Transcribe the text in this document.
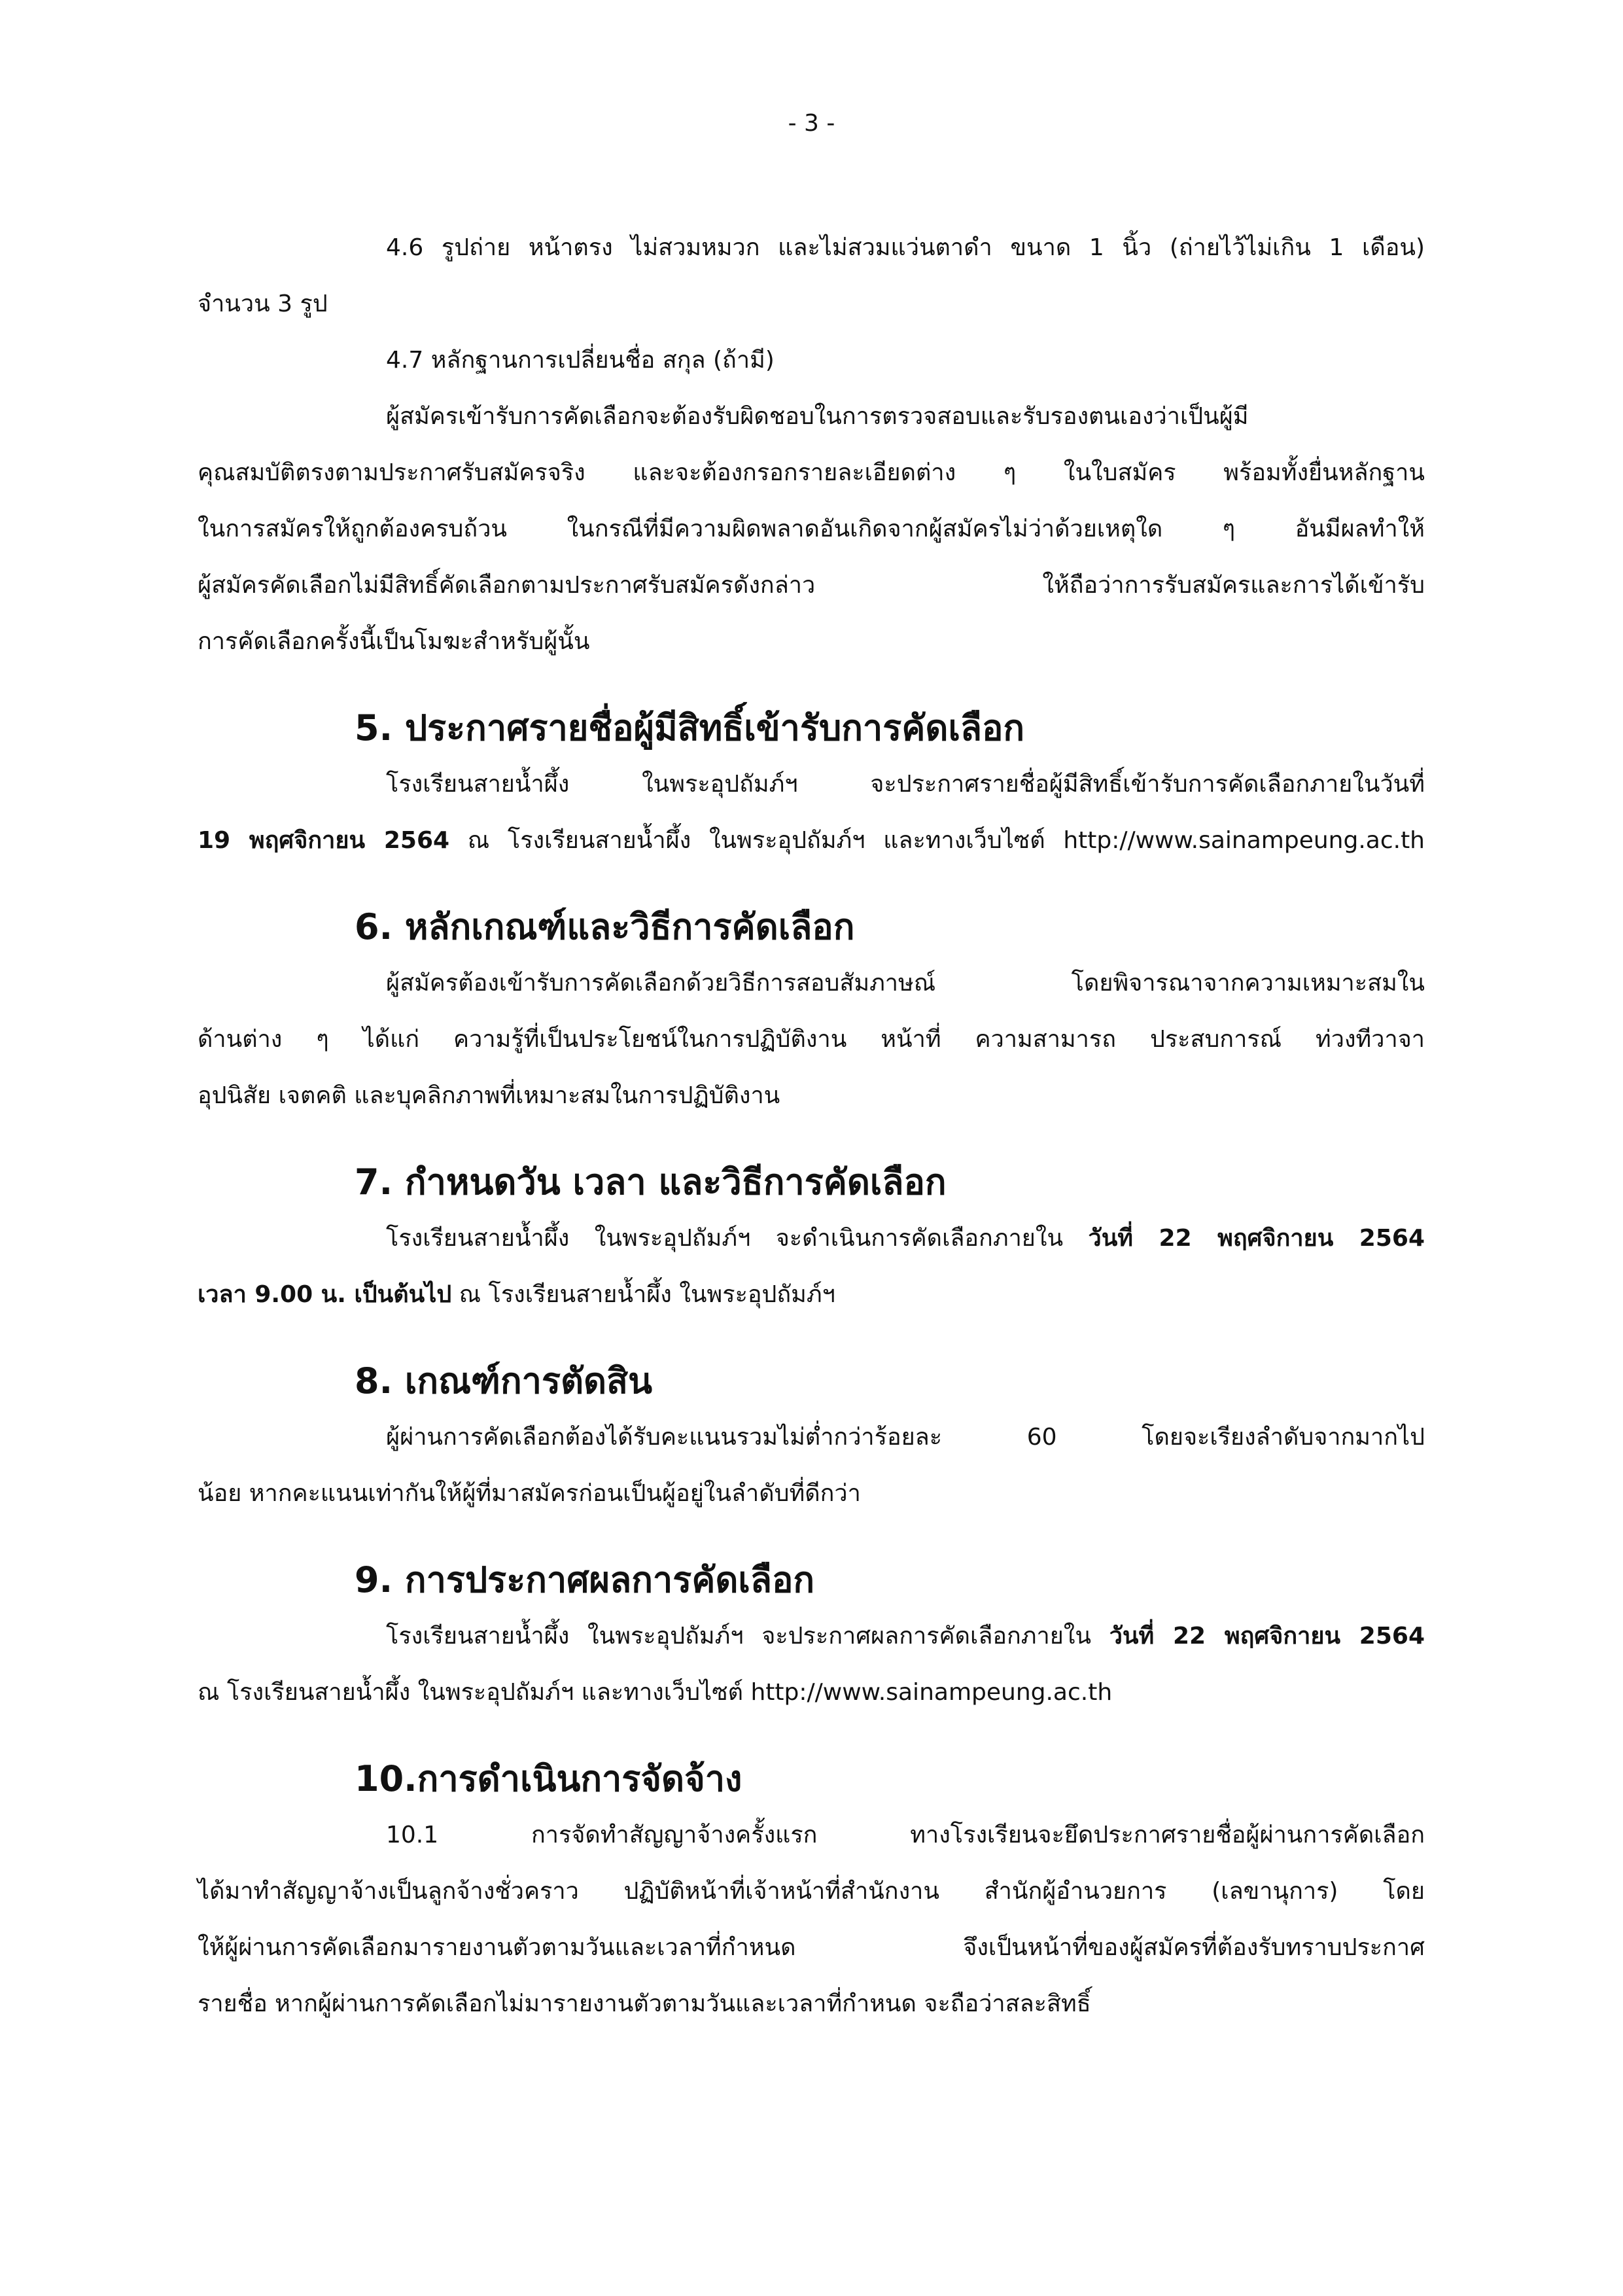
- 3 -

4.6 รูปถ่าย หน้าตรง ไม่สวมหมวก และไม่สวมแว่นตาดำ ขนาด 1 นิ้ว (ถ่ายไว้ไม่เกิน 1 เดือน)

จำนวน 3 รูป

4.7 หลักฐานการเปลี่ยนชื่อ สกุล (ถ้ามี)

ผู้สมัครเข้ารับการคัดเลือกจะต้องรับผิดชอบในการตรวจสอบและรับรองตนเองว่าเป็นผู้มี

คุณสมบัติตรงตามประกาศรับสมัครจริง และจะต้องกรอกรายละเอียดต่าง ๆ ในใบสมัคร พร้อมทั้งยื่นหลักฐาน

ในการสมัครให้ถูกต้องครบถ้วน ในกรณีที่มีความผิดพลาดอันเกิดจากผู้สมัครไม่ว่าด้วยเหตุใด ๆ อันมีผลทำให้

ผู้สมัครคัดเลือกไม่มีสิทธิ์คัดเลือกตามประกาศรับสมัครดังกล่าว ให้ถือว่าการรับสมัครและการได้เข้ารับ

การคัดเลือกครั้งนี้เป็นโมฆะสำหรับผู้นั้น

5. ประกาศรายชื่อผู้มีสิทธิ์เข้ารับการคัดเลือก

โรงเรียนสายน้ำผึ้ง ในพระอุปถัมภ์ฯ จะประกาศรายชื่อผู้มีสิทธิ์เข้ารับการคัดเลือกภายในวันที่

19 พฤศจิกายน 2564 ณ โรงเรียนสายน้ำผึ้ง ในพระอุปถัมภ์ฯ และทางเว็บไซต์ http://www.sainampeung.ac.th

6. หลักเกณฑ์และวิธีการคัดเลือก

ผู้สมัครต้องเข้ารับการคัดเลือกด้วยวิธีการสอบสัมภาษณ์ โดยพิจารณาจากความเหมาะสมใน

ด้านต่าง ๆ ได้แก่ ความรู้ที่เป็นประโยชน์ในการปฏิบัติงาน หน้าที่ ความสามารถ ประสบการณ์ ท่วงทีวาจา

อุปนิสัย เจตคติ และบุคลิกภาพที่เหมาะสมในการปฏิบัติงาน

7. กำหนดวัน เวลา และวิธีการคัดเลือก

โรงเรียนสายน้ำผึ้ง ในพระอุปถัมภ์ฯ จะดำเนินการคัดเลือกภายใน วันที่ 22 พฤศจิกายน 2564

เวลา 9.00 น. เป็นต้นไป ณ โรงเรียนสายน้ำผึ้ง ในพระอุปถัมภ์ฯ

8. เกณฑ์การตัดสิน

ผู้ผ่านการคัดเลือกต้องได้รับคะแนนรวมไม่ต่ำกว่าร้อยละ 60 โดยจะเรียงลำดับจากมากไป

น้อย หากคะแนนเท่ากันให้ผู้ที่มาสมัครก่อนเป็นผู้อยู่ในลำดับที่ดีกว่า

9. การประกาศผลการคัดเลือก

โรงเรียนสายน้ำผึ้ง ในพระอุปถัมภ์ฯ จะประกาศผลการคัดเลือกภายใน วันที่ 22 พฤศจิกายน 2564

ณ โรงเรียนสายน้ำผึ้ง ในพระอุปถัมภ์ฯ และทางเว็บไซต์ http://www.sainampeung.ac.th

10.การดำเนินการจัดจ้าง

10.1 การจัดทำสัญญาจ้างครั้งแรก ทางโรงเรียนจะยึดประกาศรายชื่อผู้ผ่านการคัดเลือก

ได้มาทำสัญญาจ้างเป็นลูกจ้างชั่วคราว ปฏิบัติหน้าที่เจ้าหน้าที่สำนักงาน สำนักผู้อำนวยการ (เลขานุการ) โดย

ให้ผู้ผ่านการคัดเลือกมารายงานตัวตามวันและเวลาที่กำหนด จึงเป็นหน้าที่ของผู้สมัครที่ต้องรับทราบประกาศ

รายชื่อ หากผู้ผ่านการคัดเลือกไม่มารายงานตัวตามวันและเวลาที่กำหนด จะถือว่าสละสิทธิ์
